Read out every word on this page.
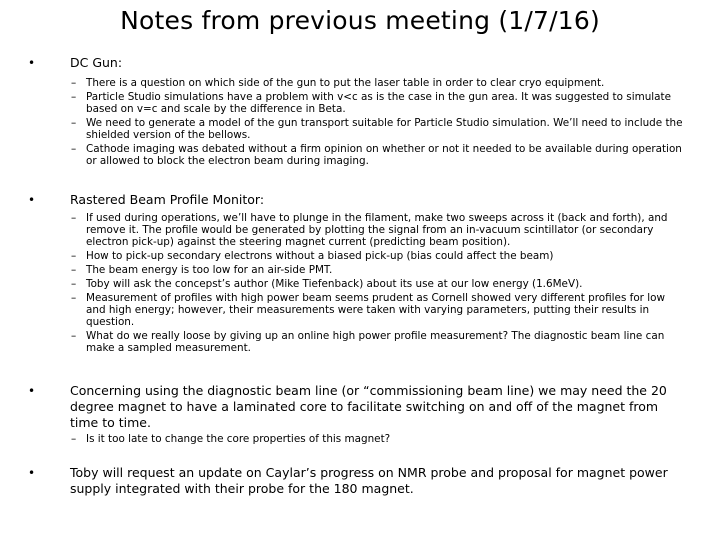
Notes from previous meeting (1/7/16)
•	DC Gun:
– There is a question on which side of the gun to put the laser table in order to clear cryo equipment.
– Particle Studio simulations have a problem with v<c as is the case in the gun area. It was suggested to simulate based on v=c and scale by the difference in Beta.
– We need to generate a model of the gun transport suitable for Particle Studio simulation. We’ll need to include the shielded version of the bellows.
– Cathode imaging was debated without a firm opinion on whether or not it needed to be available during operation or allowed to block the electron beam during imaging.
•	Rastered Beam Profile Monitor:
– If used during operations, we’ll have to plunge in the filament, make two sweeps across it (back and forth), and remove it. The profile would be generated by plotting the signal from an in-vacuum scintillator (or secondary electron pick-up) against the steering magnet current (predicting beam position).
– How to pick-up secondary electrons without a biased pick-up (bias could affect the beam)
– The beam energy is too low for an air-side PMT.
– Toby will ask the concepst’s author (Mike Tiefenback) about its use at our low energy (1.6MeV).
– Measurement of profiles with high power beam seems prudent as Cornell showed very different profiles for low and high energy; however, their measurements were taken with varying parameters, putting their results in question.
– What do we really loose by giving up an online high power profile measurement? The diagnostic beam line can make a sampled measurement.
•	Concerning using the diagnostic beam line (or “commissioning beam line) we may need the 20 degree magnet to have a laminated core to facilitate switching on and off of the magnet from time to time.
– Is it too late to change the core properties of this magnet?
•	Toby will request an update on Caylar’s progress on NMR probe and proposal for magnet power supply integrated with their probe for the 180 magnet.
